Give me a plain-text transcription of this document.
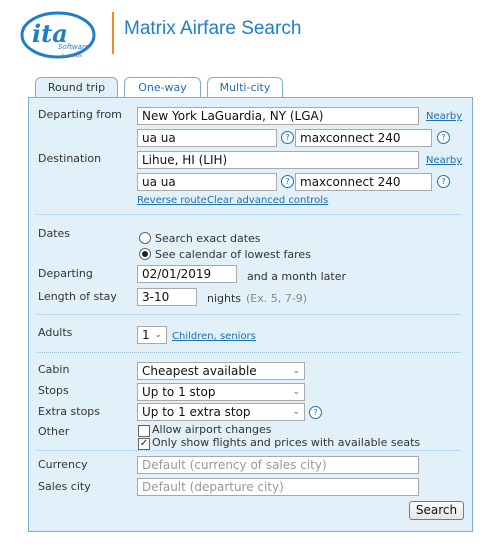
ita
Software
by Google
Matrix Airfare Search
Round trip	One-way	Multi-city
Departing from	New York LaGuardia, NY (LGA)	Nearby
ua ua	? maxconnect 240	?
Destination	Lihue, HI (LIH)	Nearby
ua ua	? maxconnect 240	?
Reverse route Clear advanced controls
Dates	Search exact dates
See calendar of lowest fares
Departing	02/01/2019	and a month later
Length of stay	3-10	nights (Ex. 5, 7-9)
Adults	1 ⌄ Children, seniors
Cabin	Cheapest available	⌄
Stops	Up to 1 stop	⌄
Extra stops	Up to 1 extra stop	⌄	?
Other	Allow airport changes
✓ Only show flights and prices with available seats
Currency	Default (currency of sales city)
Sales city	Default (departure city)
Search
